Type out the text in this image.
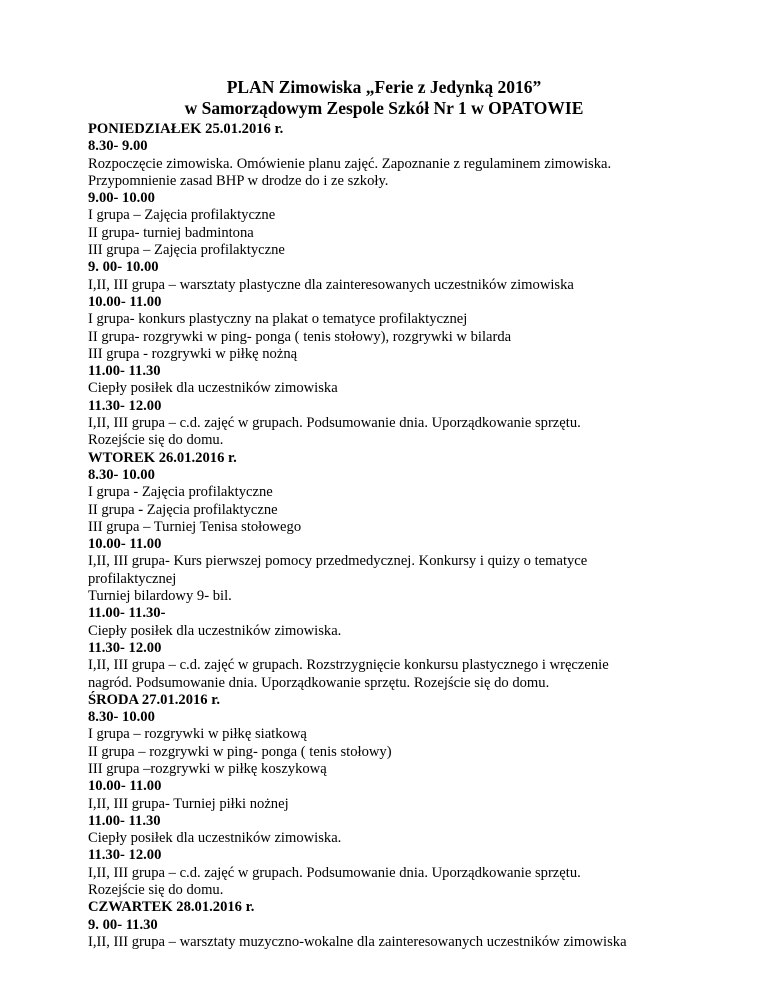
PLAN Zimowiska „Ferie z Jedynką 2016”
w Samorządowym Zespole Szkół Nr 1 w OPATOWIE
PONIEDZIAŁEK 25.01.2016 r.
8.30- 9.00
Rozpoczęcie zimowiska. Omówienie planu zajęć. Zapoznanie z regulaminem zimowiska.
Przypomnienie zasad BHP w drodze do i ze szkoły.
9.00- 10.00
I grupa – Zajęcia profilaktyczne
II grupa- turniej badmintona
III grupa – Zajęcia profilaktyczne
9. 00- 10.00
I,II, III grupa – warsztaty plastyczne dla zainteresowanych uczestników zimowiska
10.00- 11.00
I grupa- konkurs plastyczny na plakat o tematyce profilaktycznej
II grupa- rozgrywki w ping- ponga ( tenis stołowy), rozgrywki w bilarda
III grupa - rozgrywki w piłkę nożną
11.00- 11.30
Ciepły posiłek dla uczestników zimowiska
11.30- 12.00
I,II, III grupa – c.d. zajęć w grupach. Podsumowanie dnia. Uporządkowanie sprzętu.
Rozejście się do domu.
WTOREK 26.01.2016 r.
8.30- 10.00
I grupa - Zajęcia profilaktyczne
II grupa - Zajęcia profilaktyczne
III grupa – Turniej Tenisa stołowego
10.00- 11.00
I,II, III grupa- Kurs pierwszej pomocy przedmedycznej. Konkursy i quizy o tematyce
profilaktycznej
Turniej bilardowy 9- bil.
11.00- 11.30-
Ciepły posiłek dla uczestników zimowiska.
11.30- 12.00
I,II, III grupa – c.d. zajęć w grupach. Rozstrzygnięcie konkursu plastycznego i wręczenie
nagród. Podsumowanie dnia. Uporządkowanie sprzętu. Rozejście się do domu.
ŚRODA 27.01.2016 r.
8.30- 10.00
I grupa – rozgrywki w piłkę siatkową
II grupa – rozgrywki w ping- ponga ( tenis stołowy)
III grupa –rozgrywki w piłkę koszykową
10.00- 11.00
I,II, III grupa- Turniej piłki nożnej
11.00- 11.30
Ciepły posiłek dla uczestników zimowiska.
11.30- 12.00
I,II, III grupa – c.d. zajęć w grupach. Podsumowanie dnia. Uporządkowanie sprzętu.
Rozejście się do domu.
CZWARTEK 28.01.2016 r.
9. 00- 11.30
I,II, III grupa – warsztaty muzyczno-wokalne dla zainteresowanych uczestników zimowiska
